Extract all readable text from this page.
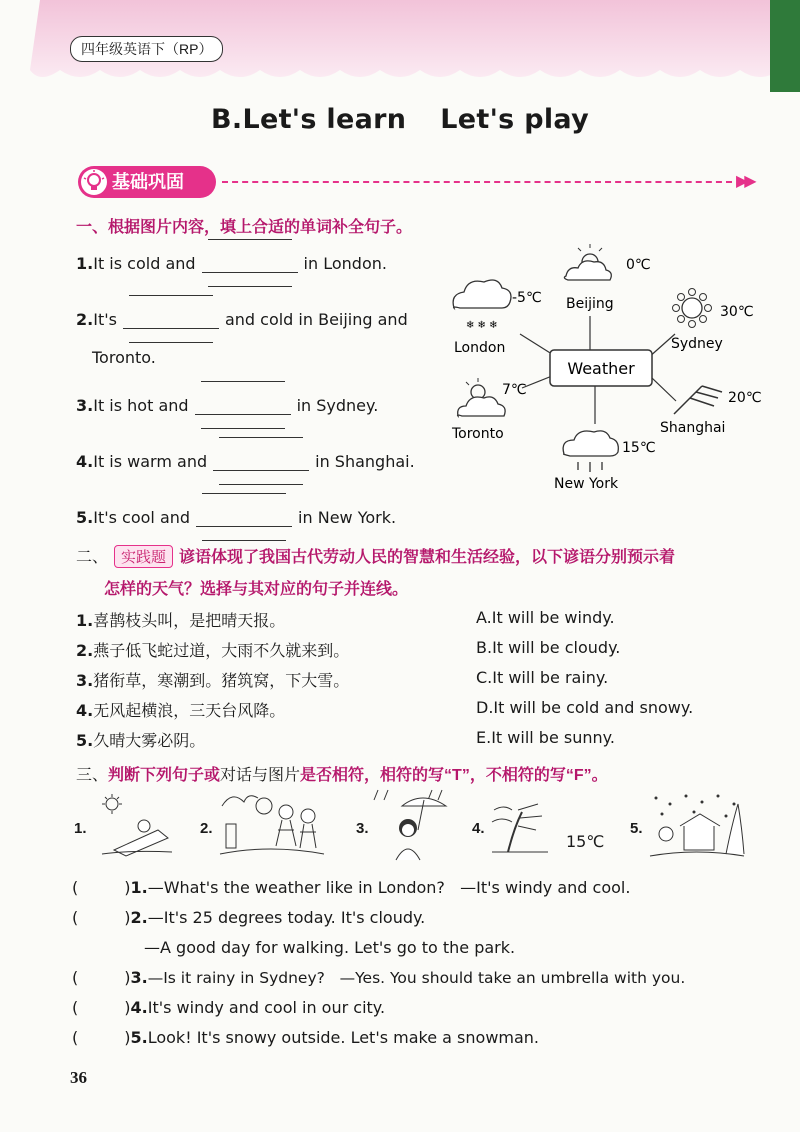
四年级英语下（RP）
B.Let's learn Let's play
基础巩固	▶▶
一、根据图片内容，填上合适的单词补全句子。
1.It is cold and	in London.
2.It's	and cold in Beijing and
Toronto.
3.It is hot and	in Sydney.
4.It is warm and	in Shanghai.
5.It's cool and	in New York.
Weather
0℃
Beijing
❄ ❄ ❄
-5℃
London
30℃
Sydney
7℃
Toronto
20℃
Shanghai
15℃
New York
二、 实践题 谚语体现了我国古代劳动人民的智慧和生活经验，以下谚语分别预示着
怎样的天气？选择与其对应的句子并连线。
1.喜鹊枝头叫，是把晴天报。
2.燕子低飞蛇过道，大雨不久就来到。
3.猪衔草，寒潮到。猪筑窝，下大雪。
4.无风起横浪，三天台风降。
5.久晴大雾必阴。
A.It will be windy.
B.It will be cloudy.
C.It will be rainy.
D.It will be cold and snowy.
E.It will be sunny.
三、判断下列句子或对话与图片是否相符，相符的写“T”，不相符的写“F”。
1.	2.	3.	4.
15℃
5.
(	)1.—What's the weather like in London?   —It's windy and cool.
(	)2.—It's 25 degrees today. It's cloudy.
—A good day for walking. Let's go to the park.
(	)3.—Is it rainy in Sydney?   —Yes. You should take an umbrella with you.
(	)4.It's windy and cool in our city.
(	)5.Look! It's snowy outside. Let's make a snowman.
36
